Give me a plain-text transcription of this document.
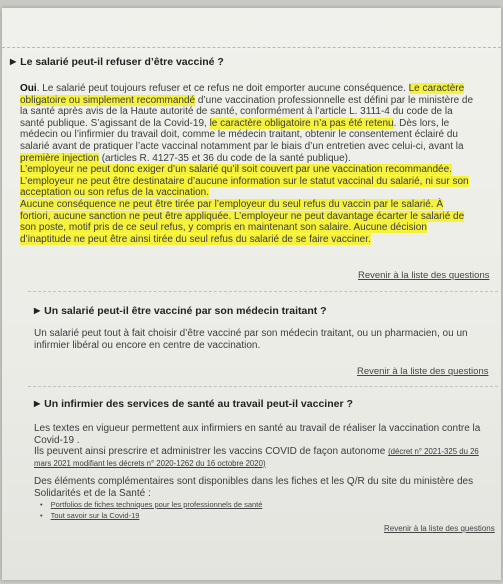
▶ Le salarié peut-il refuser d’être vacciné ?
Oui. Le salarié peut toujours refuser et ce refus ne doit emporter aucune conséquence. Le caractère
obligatoire ou simplement recommandé d’une vaccination professionnelle est défini par le ministère de
la santé après avis de la Haute autorité de santé, conformément à l’article L. 3111-4 du code de la
santé publique. S’agissant de la Covid-19, le caractère obligatoire n’a pas été retenu. Dès lors, le
médecin ou l’infirmier du travail doit, comme le médecin traitant, obtenir le consentement éclairé du
salarié avant de pratiquer l’acte vaccinal notamment par le biais d’un entretien avec celui-ci, avant la
première injection (articles R. 4127-35 et 36 du code de la santé publique).
L’employeur ne peut donc exiger d’un salarié qu’il soit couvert par une vaccination recommandée.
L’employeur ne peut être destinataire d’aucune information sur le statut vaccinal du salarié, ni sur son
acceptation ou son refus de la vaccination.
Aucune conséquence ne peut être tirée par l’employeur du seul refus du vaccin par le salarié. À
fortiori, aucune sanction ne peut être appliquée. L’employeur ne peut davantage écarter le salarié de
son poste, motif pris de ce seul refus, y compris en maintenant son salaire. Aucune décision
d’inaptitude ne peut être ainsi tirée du seul refus du salarié de se faire vacciner.
Revenir à la liste des questions
▶ Un salarié peut-il être vacciné par son médecin traitant ?
Un salarié peut tout à fait choisir d’être vacciné par son médecin traitant, ou un pharmacien, ou un
infirmier libéral ou encore en centre de vaccination.
Revenir à la liste des questions
▶ Un infirmier des services de santé au travail peut-il vacciner ?
Les textes en vigueur permettent aux infirmiers en santé au travail de réaliser la vaccination contre la
Covid-19 .
Ils peuvent ainsi prescrire et administrer les vaccins COVID de façon autonome (décret n° 2021-325 du 26
mars 2021 modifiant les décrets n° 2020-1262 du 16 octobre 2020)
Des éléments complémentaires sont disponibles dans les fiches et les Q/R du site du ministère des
Solidarités et de la Santé :
• Portfolios de fiches techniques pour les professionnels de santé
• Tout savoir sur la Covid-19
Revenir à la liste des questions
